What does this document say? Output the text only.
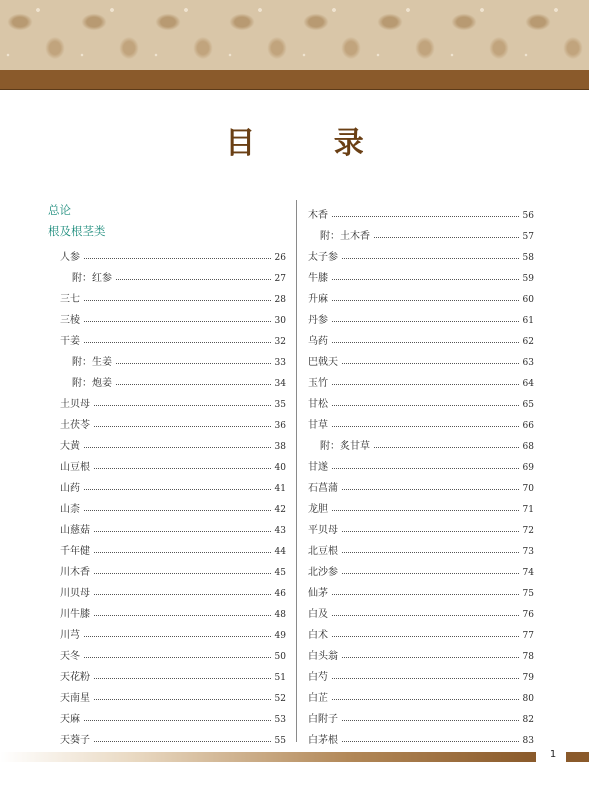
目 录
总论
根及根茎类
人参	26
附：红参	27
三七	28
三棱	30
干姜	32
附：生姜	33
附：炮姜	34
土贝母	35
土茯苓	36
大黄	38
山豆根	40
山药	41
山柰	42
山慈菇	43
千年健	44
川木香	45
川贝母	46
川牛膝	48
川芎	49
天冬	50
天花粉	51
天南星	52
天麻	53
天葵子	55
木香	56
附：土木香	57
太子参	58
牛膝	59
升麻	60
丹参	61
乌药	62
巴戟天	63
玉竹	64
甘松	65
甘草	66
附：炙甘草	68
甘遂	69
石菖蒲	70
龙胆	71
平贝母	72
北豆根	73
北沙参	74
仙茅	75
白及	76
白术	77
白头翁	78
白芍	79
白芷	80
白附子	82
白茅根	83
1
